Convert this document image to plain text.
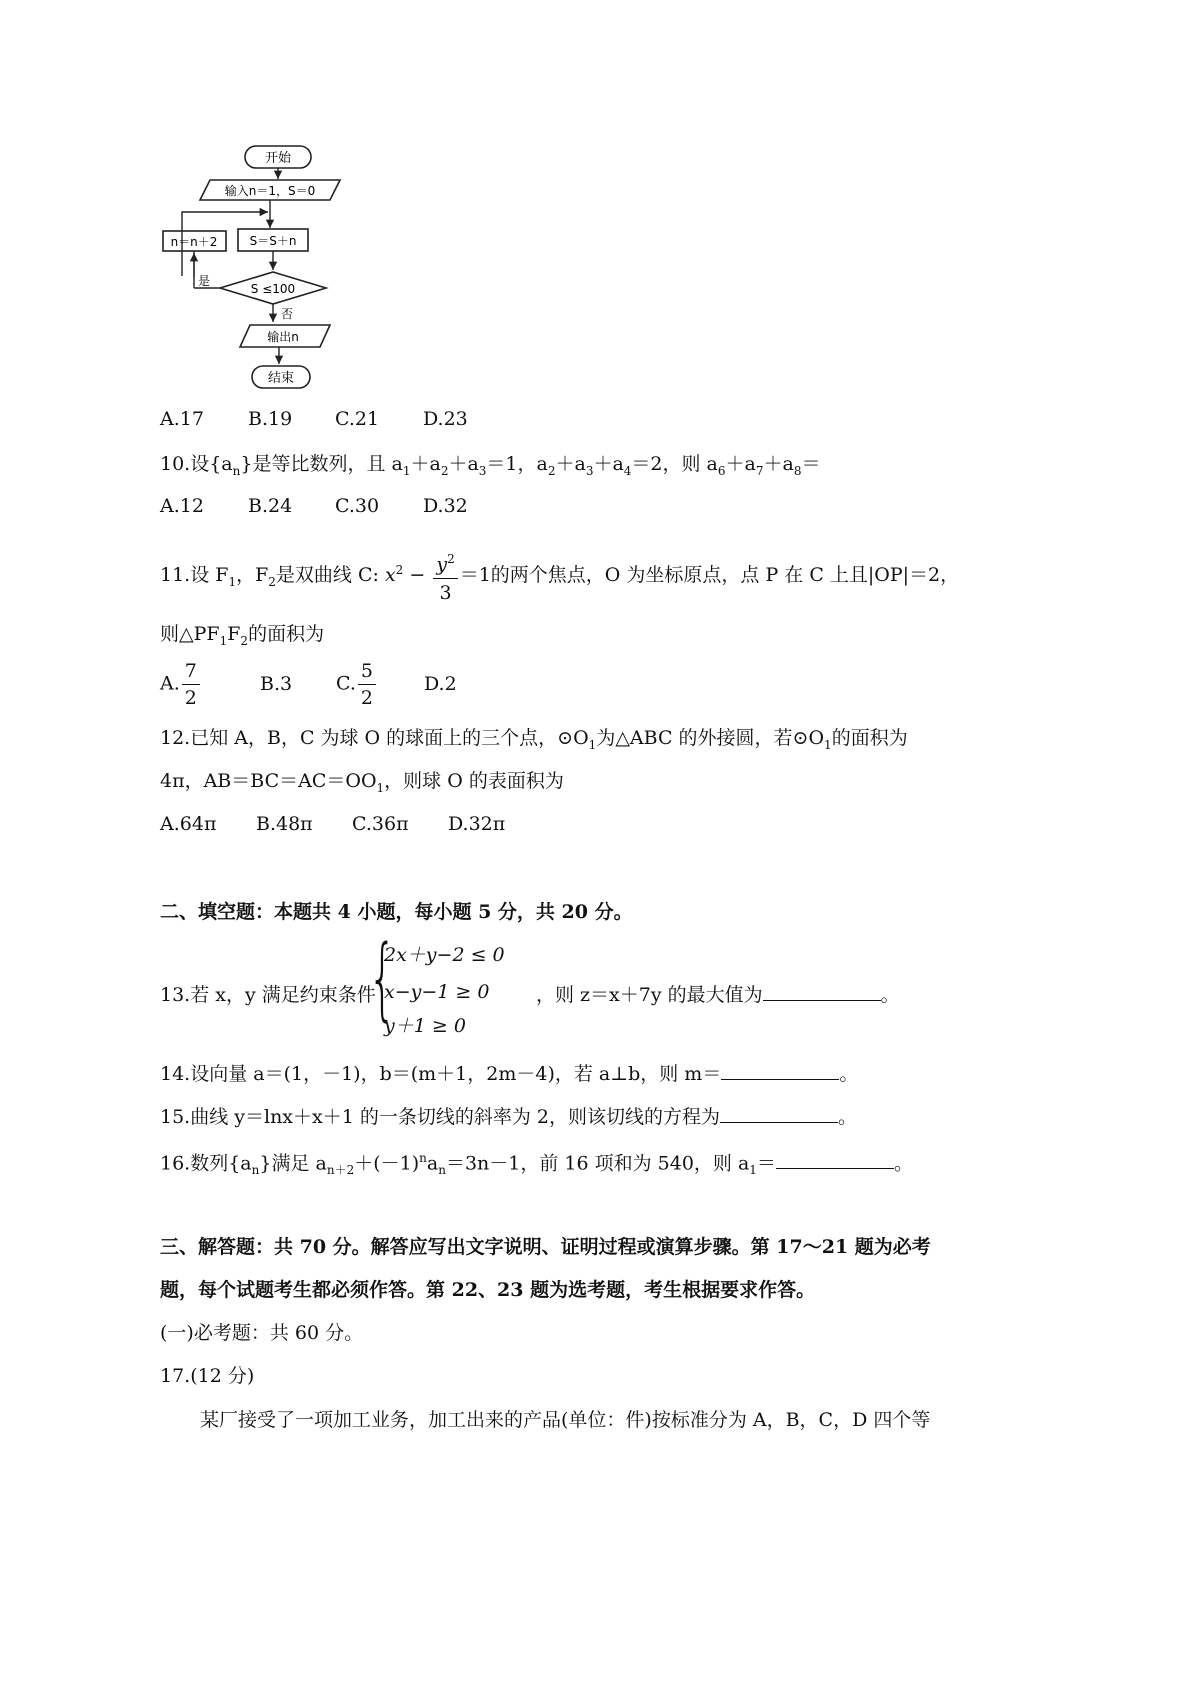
开始
输入n＝1，S＝0
n＝n＋2	S＝S＋n
S ≤100
是
否
输出n
结束
A.17 B.19 C.21 D.23
10.设$\{a_n\}$是等比数列，且 $a_1+a_2+a_3=1$，$a_2+a_3+a_4=2$，则 $a_6+a_7+a_8=$
A.12 B.24 C.30 D.32
11.设 $F_1$，$F_2$是双曲线 C: $x^2 - \frac{y^2}{3} =1$的两个焦点，O 为坐标原点，点 P 在 C 上且|OP|＝2，
则$\triangle PF_1F_2$的面积为
A. $\frac{7}{2}$	B.3 C. $\frac{5}{2}$	D.2
12.已知 A，B，C 为球 O 的球面上的三个点，$⊙O_1$为△ABC 的外接圆，若$⊙O_1$的面积为
4π，$AB=BC=AC=OO_1$，则球 O 的表面积为
A.64π B.48π C.36π D.32π
二、填空题：本题共 4 小题，每小题 5 分，共 20 分。
13.若 x，y 满足约束条件
{
2x＋y−2 ≤ 0
x−y−1 ≥ 0
y＋1 ≥ 0
，则 z＝x＋7y 的最大值为	。
14.设向量 a＝(1，－1)，b＝(m＋1，2m－4)，若 a⊥b，则 m＝	。
15.曲线 y＝lnx＋x＋1 的一条切线的斜率为 2，则该切线的方程为	。
16.数列$\{a_n\}$满足 $a_{n+2}+(-1)^na_n=3n-1$，前 16 项和为 540，则 $a_1=$	。
三、解答题：共 70 分。解答应写出文字说明、证明过程或演算步骤。第 17～21 题为必考
题，每个试题考生都必须作答。第 22、23 题为选考题，考生根据要求作答。
(一)必考题：共 60 分。
17.(12 分)
某厂接受了一项加工业务，加工出来的产品(单位：件)按标准分为 A，B，C，D 四个等
